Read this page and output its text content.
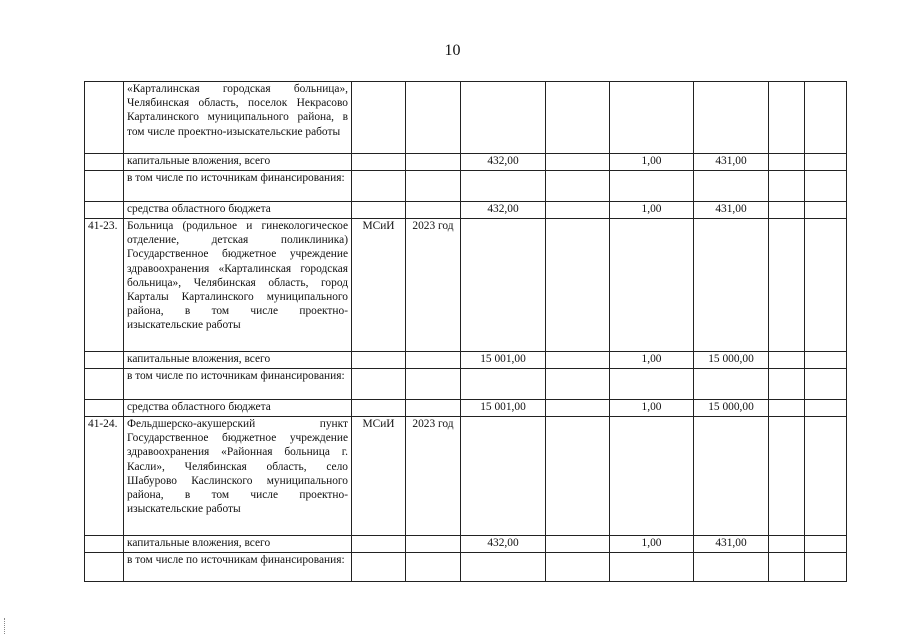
10
	«Карталинская городская больница», Челябинская область, поселок Некрасово Карталинского муниципального района, в том числе проектно-изыскательские работы								
	капитальные вложения, всего			432,00		1,00	431,00		
	в том числе по источникам финансирования:								
	средства областного бюджета			432,00		1,00	431,00		
41-23.	Больница (родильное и гинекологическое отделение, детская поликлиника) Государственное бюджетное учреждение здравоохранения «Карталинская городская больница», Челябинская область, город Карталы Карталинского муниципального района, в том числе проектно-изыскательские работы	МСиИ	2023 год						
	капитальные вложения, всего			15 001,00		1,00	15 000,00		
	в том числе по источникам финансирования:								
	средства областного бюджета			15 001,00		1,00	15 000,00		
41-24.	Фельдшерско-акушерский пункт Государственное бюджетное учреждение здравоохранения «Районная больница г. Касли», Челябинская область, село Шабурово Каслинского муниципального района, в том числе проектно-изыскательские работы	МСиИ	2023 год						
	капитальные вложения, всего			432,00		1,00	431,00		
	в том числе по источникам финансирования:								
